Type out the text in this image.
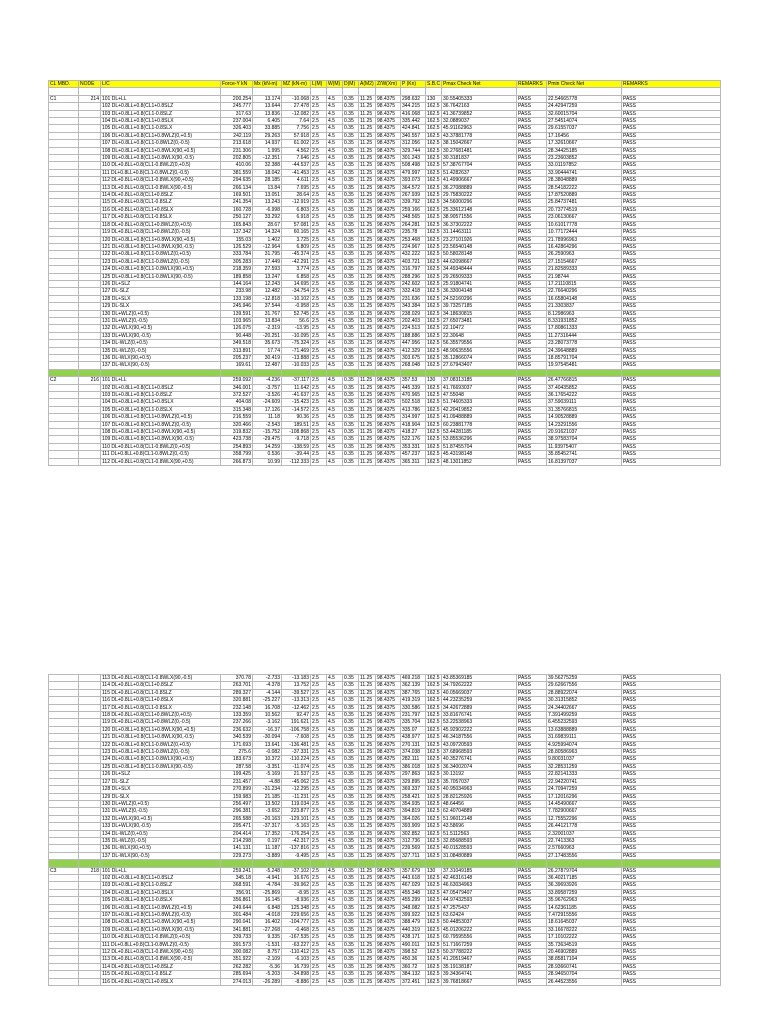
CL MBD.	NODE	L/C	Force-Y kN	Mx (kN-m)	MZ (kN-m)	L(M)	W(M)	D(M)	A(M2)	Z/W(Xm)	P (Kn)	S.B.C	Pmax Check Net	REMARKS	Pmin Check Net	REMARKS

C1	214	101 DL+LL	200.254	13.174	-10.068	2.5	4.5	0.35	11.25	98.4375	298.632	130	30.55405333	PASS	22.54665778	PASS
		102 DL+0.8LL+0.8(CL1+0.8SLZ	245.777	13.644	27.478	2.5	4.5	0.35	11.25	98.4375	344.215	162.5	36.7642163	PASS	24.42947259	PASS
		103 DL+0.8LL+0.8(CL1-0.8SLZ	317.63	13.836	-12.082	2.5	4.5	0.35	11.25	98.4375	416.068	162.5	41.36739852	PASS	32.60015704	PASS
		104 DL+0.8LL+0.8(CL1+0.8SLX	237.004	6.405	7.64	2.5	4.5	0.35	11.25	98.4375	335.442	162.5	32.0889037	PASS	27.54514074	PASS
		105 DL+0.8LL+0.8(CL1-0.8SLX	326.403	33.885	7.756	2.5	4.5	0.35	11.25	98.4375	424.841	162.5	45.91162963	PASS	29.61557037	PASS
		106 DL+0.8LL+0.8(CL1+0.8WLZ(0,+0.5)	242.119	29.263	57.918	2.5	4.5	0.35	11.25	98.4375	340.557	162.5	43.37881778	PASS	17.16456	PASS
		107 DL+0.8LL+0.8(CL1-0.8WLZ(0,-0.5)	213.618	14.937	61.002	2.5	4.5	0.35	11.25	98.4375	312.056	162.5	38.15042667	PASS	17.32610667	PASS
		108 DL+0.8LL+0.8(CL1+0.8WLX(90,+0.5)	231.306	1.995	4.562	2.5	4.5	0.35	11.25	98.4375	329.744	162.5	30.27681481	PASS	28.34425185	PASS
		109 DL+0.8LL+0.8(CL1+0.8WLX(90,-0.5)	202.805	-12.351	7.646	2.5	4.5	0.35	11.25	98.4375	301.243	162.5	30.3181837	PASS	23.23603852	PASS
		110 DL+0.8LL+0.8(CL1-0.8WLZ(0,+0.5)	410.06	32.388	-44.537	2.5	4.5	0.35	11.25	98.4375	508.498	162.5	57.38767704	PASS	33.01197852	PASS
		111 DL+0.8LL+0.8(CL1-0.8WLZ(0,-0.5)	381.559	18.042	-41.453	2.5	4.5	0.35	11.25	98.4375	479.997	162.5	51.4282637	PASS	33.90444741	PASS
		112 DL+0.8LL+0.8(CL1-0.8WLX(90,+0.5)	294.635	28.185	4.611	2.5	4.5	0.35	11.25	98.4375	393.073	162.5	41.49906667	PASS	28.38048889	PASS
		113 DL+0.8LL+0.8(CL1-0.8WLX(90,-0.5)	266.134	13.84	7.695	2.5	4.5	0.35	11.25	98.4375	364.572	162.5	36.27088889	PASS	28.54182222	PASS
		114 DL+0.8LL+0.8(CL1+0.8SLZ	169.501	13.051	28.64	2.5	4.5	0.35	11.25	98.4375	267.939	162.5	29.75830222	PASS	17.87520889	PASS
		115 DL+0.8LL+0.8(CL1-0.8SLZ	241.354	13.243	-12.919	2.5	4.5	0.35	11.25	98.4375	339.792	162.5	34.56000296	PASS	25.84737481	PASS
		116 DL+0.8LL+0.8(CL1+0.8SLX	160.728	-6.998	6.803	2.5	4.5	0.35	11.25	98.4375	259.166	162.5	25.33612148	PASS	20.73774519	PASS
		117 DL+0.8LL+0.8(CL1-0.8SLX	250.127	33.292	6.918	2.5	4.5	0.35	11.25	98.4375	348.565	162.5	38.90571556	PASS	23.06130667	PASS
		118 DL+0.8LL+0.8(CL1+0.8WLZ(0,+0.5)	165.843	28.67	57.081	2.5	4.5	0.35	11.25	98.4375	264.281	162.5	36.37302222	PASS	10.61017778	PASS
		119 DL+0.8LL+0.8(CL1+0.8WLZ(0,-0.5)	137.342	14.324	60.165	2.5	4.5	0.35	11.25	98.4375	235.78	162.5	31.14463111	PASS	10.77172444	PASS
		120 DL+0.8LL+0.8(CL1+0.8WLX(90,+0.5)	155.03	1.402	3.725	2.5	4.5	0.35	11.25	98.4375	253.468	162.5	23.27101926	PASS	21.78996963	PASS
		121 DL+0.8LL+0.8(CL1+0.8WLX(90,-0.5)	126.529	-12.964	6.809	2.5	4.5	0.35	11.25	98.4375	224.967	162.5	23.56540148	PASS	16.42864296	PASS
		122 DL+0.8LL+0.8(CL1-0.8WLZ(0,+0.5)	333.784	31.795	-45.374	2.5	4.5	0.35	11.25	98.4375	432.222	162.5	50.58028148	PASS	26.2590963	PASS
		123 DL+0.8LL+0.8(CL1-0.8WLZ(0,-0.5)	305.283	17.449	-42.291	2.5	4.5	0.35	11.25	98.4375	403.721	162.5	44.62098667	PASS	27.15154667	PASS
		124 DL+0.8LL+0.8(CL1-0.8WLX(90,+0.5)	218.359	27.593	3.774	2.5	4.5	0.35	11.25	98.4375	316.797	162.5	34.49348444	PASS	21.82589333	PASS
		125 DL+0.8LL+0.8(CL1-0.8WLX(90,-0.5)	189.858	13.247	6.858	2.5	4.5	0.35	11.25	98.4375	288.296	162.5	29.26509333	PASS	21.98744	PASS
		126 DL+SLZ	144.164	12.243	14.695	2.5	4.5	0.35	11.25	98.4375	242.602	162.5	25.91804741	PASS	17.21110815	PASS
		127 DL-SLZ	233.98	12.482	-34.754	2.5	4.5	0.35	11.25	98.4375	332.418	162.5	36.33004148	PASS	22.76640296	PASS
		128 DL+SLX	133.198	-12.818	-10.102	2.5	4.5	0.35	11.25	98.4375	231.636	162.5	24.52160296	PASS	16.65804148	PASS
		129 DL-SLX	245.946	37.544	-0.958	2.5	4.5	0.35	11.25	98.4375	343.384	162.5	39.73257185	PASS	21.3303837	PASS
		130 DL+WLZ(0,+0.5)	139.591	31.767	52.745	2.5	4.5	0.35	11.25	98.4375	238.029	162.5	34.18630815	PASS	8.12986963	PASS
		131 DL+WLZ(0,-0.5)	103.965	13.834	56.6	2.5	4.5	0.35	11.25	98.4375	202.403	162.5	27.65073481	PASS	8.331931852	PASS
		132 DL+WLX(90,+0.5)	126.075	-2.319	-13.95	2.5	4.5	0.35	11.25	98.4375	224.513	162.5	22.10472	PASS	17.80861333	PASS
		133 DL+WLX(90,-0.5)	90.448	-20.251	-10.095	2.5	4.5	0.35	11.25	98.4375	188.886	162.5	22.30648	PASS	11.27316444	PASS
		134 DL-WLZ(0,+0.5)	349.518	35.673	-75.324	2.5	4.5	0.35	11.25	98.4375	447.956	162.5	56.35579556	PASS	23.28073778	PASS
		135 DL-WLZ(0,-0.5)	313.891	17.74	-71.469	2.5	4.5	0.35	11.25	98.4375	412.329	162.5	48.90635556	PASS	24.39648889	PASS
		136 DL-WLX(90,+0.5)	205.237	30.419	-13.888	2.5	4.5	0.35	11.25	98.4375	303.675	162.5	35.12866074	PASS	18.85791704	PASS
		137 DL-WLX(90,-0.5)	169.61	12.487	-10.033	2.5	4.5	0.35	11.25	98.4375	268.048	162.5	27.67943407	PASS	19.97545481	PASS

C2	216	101 DL+LL	259.092	-4.236	-37.117	2.5	4.5	0.35	11.25	98.4375	357.53	130	37.08313185	PASS	26.47766815	PASS
		102 DL+0.8LL+0.8(CL1+0.8SLZ	346.001	-3.757	11.642	2.5	4.5	0.35	11.25	98.4375	445.339	162.5	41.76693037	PASS	37.40435852	PASS
		103 DL+0.8LL+0.8(CL1-0.8SLZ	372.527	-3.526	-41.637	2.5	4.5	0.35	11.25	98.4375	470.965	162.5	47.55048	PASS	36.17654222	PASS
		104 DL+0.8LL+0.8(CL1+0.8SLX	404.08	-24.609	-15.423	2.5	4.5	0.35	11.25	98.4375	502.518	162.5	51.74605333	PASS	37.59039111	PASS
		105 DL+0.8LL+0.8(CL1-0.8SLX	315.348	17.126	-14.572	2.5	4.5	0.35	11.25	98.4375	413.786	162.5	42.20419852	PASS	31.35766815	PASS
		106 DL+0.8LL+0.8(CL1+0.8WLZ(0,+0.5)	216.559	11.18	90.36	2.5	4.5	0.35	11.25	98.4375	314.997	162.5	41.09488889	PASS	14.90528889	PASS
		107 DL+0.8LL+0.8(CL1+0.8WLZ(0,-0.5)	320.466	-2.543	189.51	2.5	4.5	0.35	11.25	98.4375	418.904	162.5	60.23881778	PASS	14.23291556	PASS
		108 DL+0.8LL+0.8(CL1+0.8WLX(90,+0.5)	319.832	-15.752	-108.868	2.5	4.5	0.35	11.25	98.4375	418.27	162.5	53.44281185	PASS	20.91621037	PASS
		109 DL+0.8LL+0.8(CL1+0.8WLX(90,-0.5)	423.738	-29.475	-9.718	2.5	4.5	0.35	11.25	98.4375	522.176	162.5	53.85536296	PASS	38.97583704	PASS
		110 DL+0.8LL+0.8(CL1-0.8WLZ(0,+0.5)	254.893	14.259	-138.59	2.5	4.5	0.35	11.25	98.4375	353.331	162.5	51.87455704	PASS	11.93975407	PASS
		111 DL+0.8LL+0.8(CL1-0.8WLZ(0,-0.5)	358.799	0.536	-39.44	2.5	4.5	0.35	11.25	98.4375	457.237	162.5	45.43198148	PASS	35.85452741	PASS
		112 DL+0.8LL+0.8(CL1-0.8WLX(90,+0.5)	266.873	10.99	-112.333	2.5	4.5	0.35	11.25	98.4375	365.311	162.5	48.13011852	PASS	16.81397037	PASS
		113 DL+0.8LL+0.8(CL1-0.8WLX(90,-0.5)	370.78	-2.733	-13.183	2.5	4.5	0.35	11.25	98.4375	469.218	162.5	43.85369185	PASS	39.56275259	PASS
		114 DL+0.8LL+0.8(CL1+0.8SLZ	263.701	-4.378	13.752	2.5	4.5	0.35	11.25	98.4375	362.139	162.5	34.79262222	PASS	29.62667556	PASS
		115 DL+0.8LL+0.8(CL1-0.8SLZ	289.327	-4.144	-39.527	2.5	4.5	0.35	11.25	98.4375	387.765	162.5	40.05669037	PASS	28.88922074	PASS
		116 DL+0.8LL+0.8(CL1+0.8SLX	320.881	-25.227	-13.313	2.5	4.5	0.35	11.25	98.4375	419.319	162.5	44.23235259	PASS	30.31315852	PASS
		117 DL+0.8LL+0.8(CL1-0.8SLX	232.148	16.708	-12.462	2.5	4.5	0.35	11.25	98.4375	330.586	162.5	34.42672889	PASS	24.34402667	PASS
		118 DL+0.8LL+0.8(CL1+0.8WLZ(0,+0.5)	133.359	10.562	92.47	2.5	4.5	0.35	11.25	98.4375	231.797	162.5	33.81676741	PASS	7.391499259	PASS
		119 DL+0.8LL+0.8(CL1+0.8WLZ(0,-0.5)	237.266	-3.162	191.621	2.5	4.5	0.35	11.25	98.4375	335.704	162.5	53.22538963	PASS	6.455232593	PASS
		120 DL+0.8LL+0.8(CL1+0.8WLX(90,+0.5)	236.632	-16.37	-106.758	2.5	4.5	0.35	11.25	98.4375	335.07	162.5	45.92902222	PASS	13.63888889	PASS
		121 DL+0.8LL+0.8(CL1+0.8WLX(90,-0.5)	340.539	-30.094	-7.608	2.5	4.5	0.35	11.25	98.4375	438.977	162.5	46.34187556	PASS	31.69839111	PASS
		122 DL+0.8LL+0.8(CL1-0.8WLZ(0,+0.5)	171.693	13.641	-136.481	2.5	4.5	0.35	11.25	98.4375	270.131	162.5	43.09720593	PASS	4.925994074	PASS
		123 DL+0.8LL+0.8(CL1-0.8WLZ(0,-0.5)	275.6	-0.082	-37.331	2.5	4.5	0.35	11.25	98.4375	374.038	162.5	37.68968593	PASS	28.80586963	PASS
		124 DL+0.8LL+0.8(CL1-0.8WLX(90,+0.5)	183.673	10.372	-110.224	2.5	4.5	0.35	11.25	98.4375	282.111	162.5	40.35276741	PASS	9.80031037	PASS
		125 DL+0.8LL+0.8(CL1-0.8WLX(90,-0.5)	287.58	-3.351	-11.074	2.5	4.5	0.35	11.25	98.4375	386.018	162.5	36.34002074	PASS	32.28531259	PASS
		126 DL+SLZ	199.425	-5.169	21.537	2.5	4.5	0.35	11.25	98.4375	297.863	162.5	30.13192	PASS	22.82141333	PASS
		127 DL-SLZ	231.457	-4.88	-45.062	2.5	4.5	0.35	11.25	98.4375	329.895	162.5	35.7057037	PASS	22.94220741	PASS
		128 DL+SLX	270.899	-31.234	-12.295	2.5	4.5	0.35	11.25	98.4375	369.337	162.5	40.95034963	PASS	24.70947259	PASS
		129 DL-SLX	159.983	21.185	-11.231	2.5	4.5	0.35	11.25	98.4375	258.421	162.5	28.82125926	PASS	17.12016296	PASS
		130 DL+WLZ(0,+0.5)	256.497	13.502	119.034	2.5	4.5	0.35	11.25	98.4375	354.935	162.5	48.64456	PASS	14.45490667	PASS
		131 DL+WLZ(0,-0.5)	296.381	-3.652	223.877	2.5	4.5	0.35	11.25	98.4375	394.819	162.5	62.40704889	PASS	7.782900667	PASS
		132 DL+WLX(90,+0.5)	265.588	-20.163	-129.101	2.5	4.5	0.35	11.25	98.4375	364.026	162.5	51.96012148	PASS	12.75552296	PASS
		133 DL+WLX(90,-0.5)	295.471	-37.317	-5.163	2.5	4.5	0.35	11.25	98.4375	393.909	162.5	43.58696	PASS	26.44121778	PASS
		134 DL-WLZ(0,+0.5)	204.414	17.352	-176.254	2.5	4.5	0.35	11.25	98.4375	302.852	162.5	51.5112563	PASS	2.32001037	PASS
		135 DL-WLZ(0,-0.5)	214.298	0.197	-42.317	2.5	4.5	0.35	11.25	98.4375	312.736	162.5	32.85688593	PASS	22.7413363	PASS
		136 DL-WLX(90,+0.5)	141.131	11.187	-137.816	2.5	4.5	0.35	11.25	98.4375	239.569	162.5	40.01528593	PASS	2.57660963	PASS
		137 DL-WLX(90,-0.5)	229.273	-3.889	-9.495	2.5	4.5	0.35	11.25	98.4375	327.711	162.5	31.08480889	PASS	27.17483556	PASS

C3	218	101 DL+LL	259.241	-5.248	-37.102	2.5	4.5	0.35	11.25	98.4375	357.679	130	37.31049185	PASS	26.27879704	PASS
		102 DL+0.8LL+0.8(CL1+0.8SLZ	345.18	-4.941	16.676	2.5	4.5	0.35	11.25	98.4375	443.618	162.5	42.46316148	PASS	36.40217185	PASS
		103 DL+0.8LL+0.8(CL1-0.8SLZ	368.591	-4.784	-39.962	2.5	4.5	0.35	11.25	98.4375	467.029	162.5	46.63034963	PASS	36.39693926	PASS
		104 DL+0.8LL+0.8(CL1+0.8SLX	356.91	-25.869	-8.95	2.5	4.5	0.35	11.25	98.4375	455.348	162.5	47.05479407	PASS	33.89587259	PASS
		105 DL+0.8LL+0.8(CL1-0.8SLX	356.861	16.145	-8.936	2.5	4.5	0.35	11.25	98.4375	455.299	162.5	44.97432593	PASS	35.96762963	PASS
		106 DL+0.8LL+0.8(CL1+0.8WLZ(0,+0.5)	249.644	6.848	125.348	2.5	4.5	0.35	11.25	98.4375	348.082	162.5	47.2575437	PASS	14.62361185	PASS
		107 DL+0.8LL+0.8(CL1+0.8WLZ(0,-0.5)	301.484	-4.018	229.656	2.5	4.5	0.35	11.25	98.4375	399.922	162.5	63.62424	PASS	7.472915556	PASS
		108 DL+0.8LL+0.8(CL1+0.8WLX(90,+0.5)	290.041	16.402	-104.777	2.5	4.5	0.35	11.25	98.4375	388.479	162.5	50.44853037	PASS	18.61645037	PASS
		109 DL+0.8LL+0.8(CL1+0.8WLX(90,-0.5)	341.881	-27.268	-0.468	2.5	4.5	0.35	11.25	98.4375	440.319	162.5	45.01206222	PASS	33.16678222	PASS
		110 DL+0.8LL+0.8(CL1-0.8WLZ(0,+0.5)	339.733	9.335	-167.535	2.5	4.5	0.35	11.25	98.4375	438.171	162.5	60.79595556	PASS	17.10102222	PASS
		111 DL+0.8LL+0.8(CL1-0.8WLZ(0,-0.5)	391.573	-1.531	-63.227	2.5	4.5	0.35	11.25	98.4375	490.011	162.5	51.71667259	PASS	35.73634519	PASS
		112 DL+0.8LL+0.8(CL1-0.8WLX(90,+0.5)	300.082	8.757	-110.412	2.5	4.5	0.35	11.25	98.4375	398.52	162.5	50.37788222	PASS	20.46902889	PASS
		113 DL+0.8LL+0.8(CL1-0.8WLX(90,-0.5)	351.922	-2.109	-6.103	2.5	4.5	0.35	11.25	98.4375	450.36	162.5	41.20519467	PASS	38.85817104	PASS
		114 DL+0.8LL+0.8(CL1+0.8SLZ	262.282	-5.36	16.739	2.5	4.5	0.35	11.25	98.4375	360.72	162.5	35.19138187	PASS	28.93660741	PASS
		115 DL+0.8LL+0.8(CL1-0.8SLZ	285.694	-5.203	-34.898	2.5	4.5	0.35	11.25	98.4375	384.132	162.5	39.34364741	PASS	28.94650704	PASS
		116 DL+0.8LL+0.8(CL1+0.8SLX	274.013	-26.289	-8.886	2.5	4.5	0.35	11.25	98.4375	372.451	162.5	39.76818667	PASS	26.44523556	PASS
